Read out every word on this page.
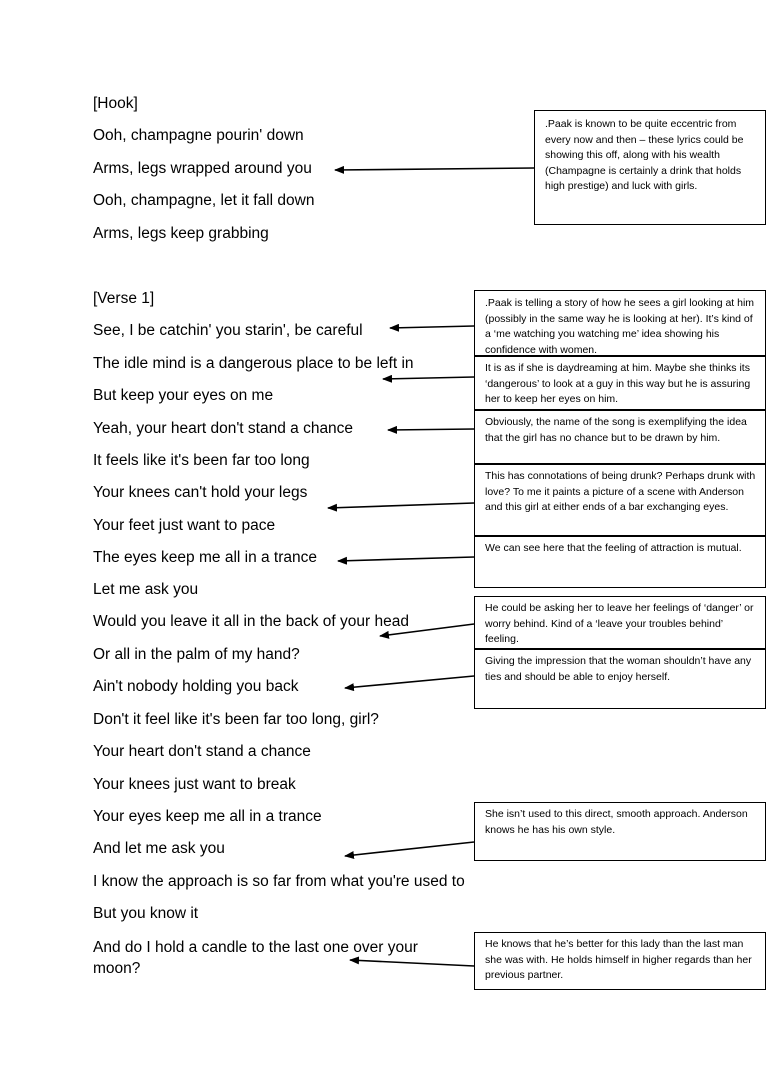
[Hook]
Ooh, champagne pourin' down
Arms, legs wrapped around you
Ooh, champagne, let it fall down
Arms, legs keep grabbing
[Verse 1]
See, I be catchin' you starin', be careful
The idle mind is a dangerous place to be left in
But keep your eyes on me
Yeah, your heart don't stand a chance
It feels like it's been far too long
Your knees can't hold your legs
Your feet just want to pace
The eyes keep me all in a trance
Let me ask you
Would you leave it all in the back of your head
Or all in the palm of my hand?
Ain't nobody holding you back
Don't it feel like it's been far too long, girl?
Your heart don't stand a chance
Your knees just want to break
Your eyes keep me all in a trance
And let me ask you
I know the approach is so far from what you're used to
But you know it
And do I hold a candle to the last one over your moon?
.Paak is known to be quite eccentric from every now and then – these lyrics could be showing this off, along with his wealth (Champagne is certainly a drink that holds high prestige) and luck with girls.
.Paak is telling a story of how he sees a girl looking at him (possibly in the same way he is looking at her). It’s kind of a ‘me watching you watching me’ idea showing his confidence with women.
It is as if she is daydreaming at him. Maybe she thinks its ‘dangerous’ to look at a guy in this way but he is assuring her to keep her eyes on him.
Obviously, the name of the song is exemplifying the idea that the girl has no chance but to be drawn by him.
This has connotations of being drunk? Perhaps drunk with love? To me it paints a picture of a scene with Anderson and this girl at either ends of a bar exchanging eyes.
We can see here that the feeling of attraction is mutual.
He could be asking her to leave her feelings of ‘danger’ or worry behind. Kind of a ‘leave your troubles behind’ feeling.
Giving the impression that the woman shouldn’t have any ties and should be able to enjoy herself.
She isn’t used to this direct, smooth approach. Anderson knows he has his own style.
He knows that he’s better for this lady than the last man she was with. He holds himself in higher regards than her previous partner.
